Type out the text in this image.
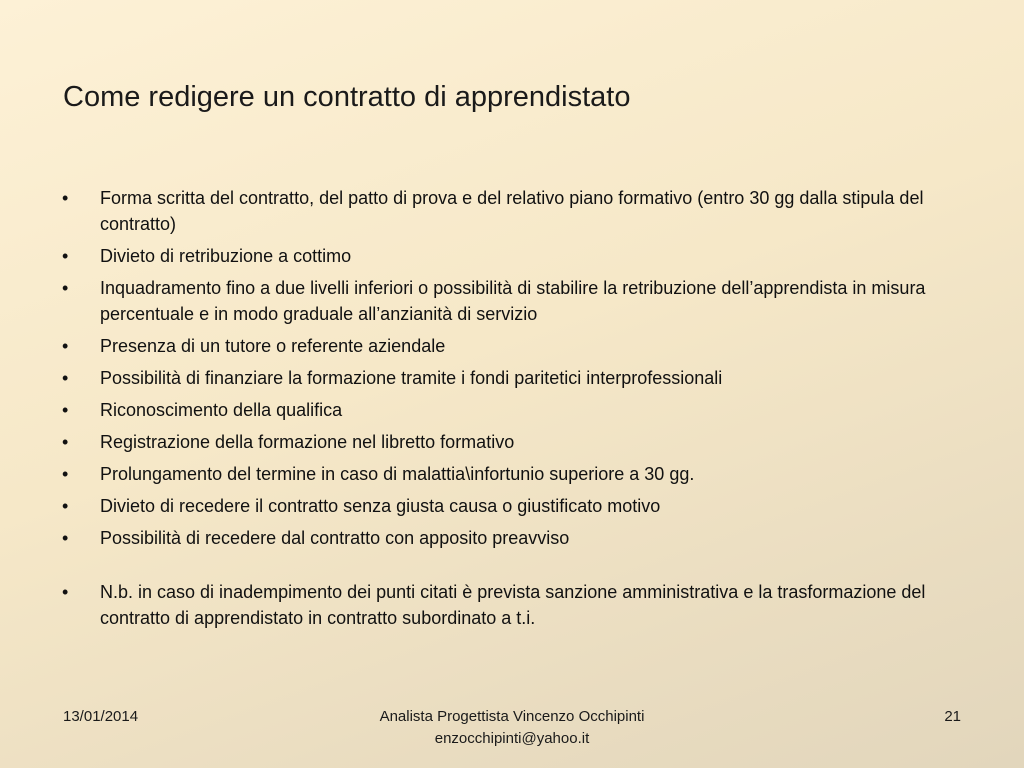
Come redigere un contratto di apprendistato
•	Forma scritta del contratto, del patto di prova e del relativo piano formativo (entro 30 gg dalla stipula del contratto)
•	Divieto di retribuzione a cottimo
•	Inquadramento fino a due livelli inferiori o possibilità di stabilire la retribuzione dell’apprendista in misura percentuale e in modo graduale all’anzianità di servizio
•	Presenza di un tutore o referente aziendale
•	Possibilità di finanziare la formazione tramite i fondi paritetici interprofessionali
•	Riconoscimento della qualifica
•	Registrazione della formazione nel libretto formativo
•	Prolungamento del termine in caso di malattia\infortunio superiore a 30 gg.
•	Divieto di recedere il contratto senza giusta causa o giustificato motivo
•	Possibilità di recedere dal contratto con apposito preavviso
•	N.b. in caso di inadempimento dei punti citati è prevista sanzione amministrativa e la trasformazione del contratto di apprendistato in contratto subordinato a t.i.
13/01/2014	Analista Progettista Vincenzo Occhipinti
enzocchipinti@yahoo.it
21
